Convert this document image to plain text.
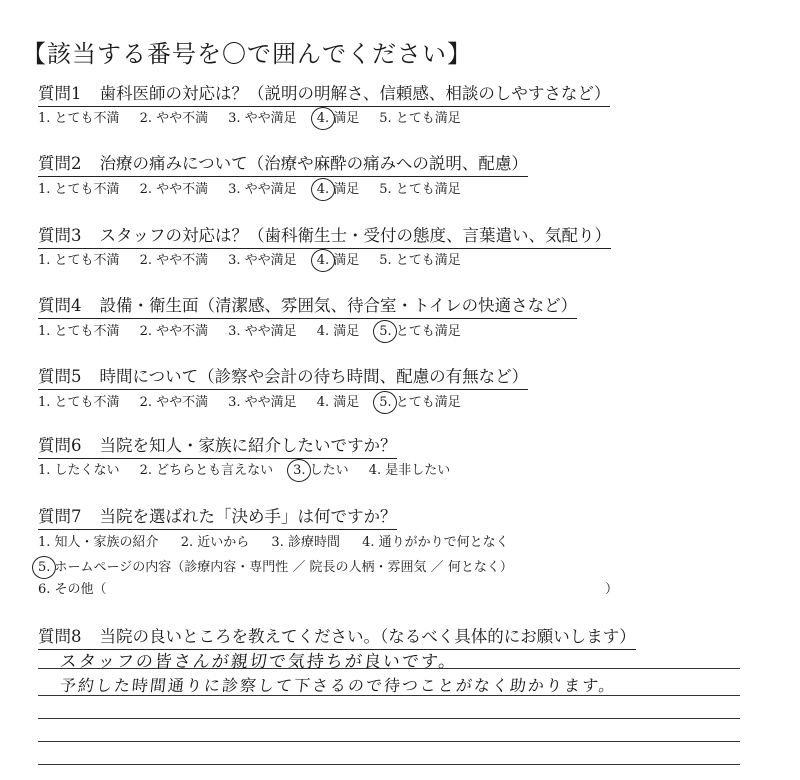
【該当する番号を〇で囲んでください】
質問1 歯科医師の対応は？（説明の明解さ、信頼感、相談のしやすさなど）
1. とても不満 2. やや不満 3. やや満足 4. 満足 5. とても満足
質問2 治療の痛みについて（治療や麻酔の痛みへの説明、配慮）
1. とても不満 2. やや不満 3. やや満足 4. 満足 5. とても満足
質問3 スタッフの対応は？（歯科衛生士・受付の態度、言葉遣い、気配り）
1. とても不満 2. やや不満 3. やや満足 4. 満足 5. とても満足
質問4 設備・衛生面（清潔感、雰囲気、待合室・トイレの快適さなど）
1. とても不満 2. やや不満 3. やや満足 4. 満足 5. とても満足
質問5 時間について（診察や会計の待ち時間、配慮の有無など）
1. とても不満 2. やや不満 3. やや満足 4. 満足 5. とても満足
質問6 当院を知人・家族に紹介したいですか？
1. したくない 2. どちらとも言えない 3. したい 4. 是非したい
質問7 当院を選ばれた「決め手」は何ですか？
1. 知人・家族の紹介 2. 近いから 3. 診療時間 4. 通りがかりで何となく
5. ホームページの内容（診療内容・専門性 ／ 院長の人柄・雰囲気 ／ 何となく）
6. その他（	）
質問8 当院の良いところを教えてください。（なるべく具体的にお願いします）
スタッフの皆さんが親切で気持ちが良いです。
予約した時間通りに診察して下さるので待つことがなく助かります。
